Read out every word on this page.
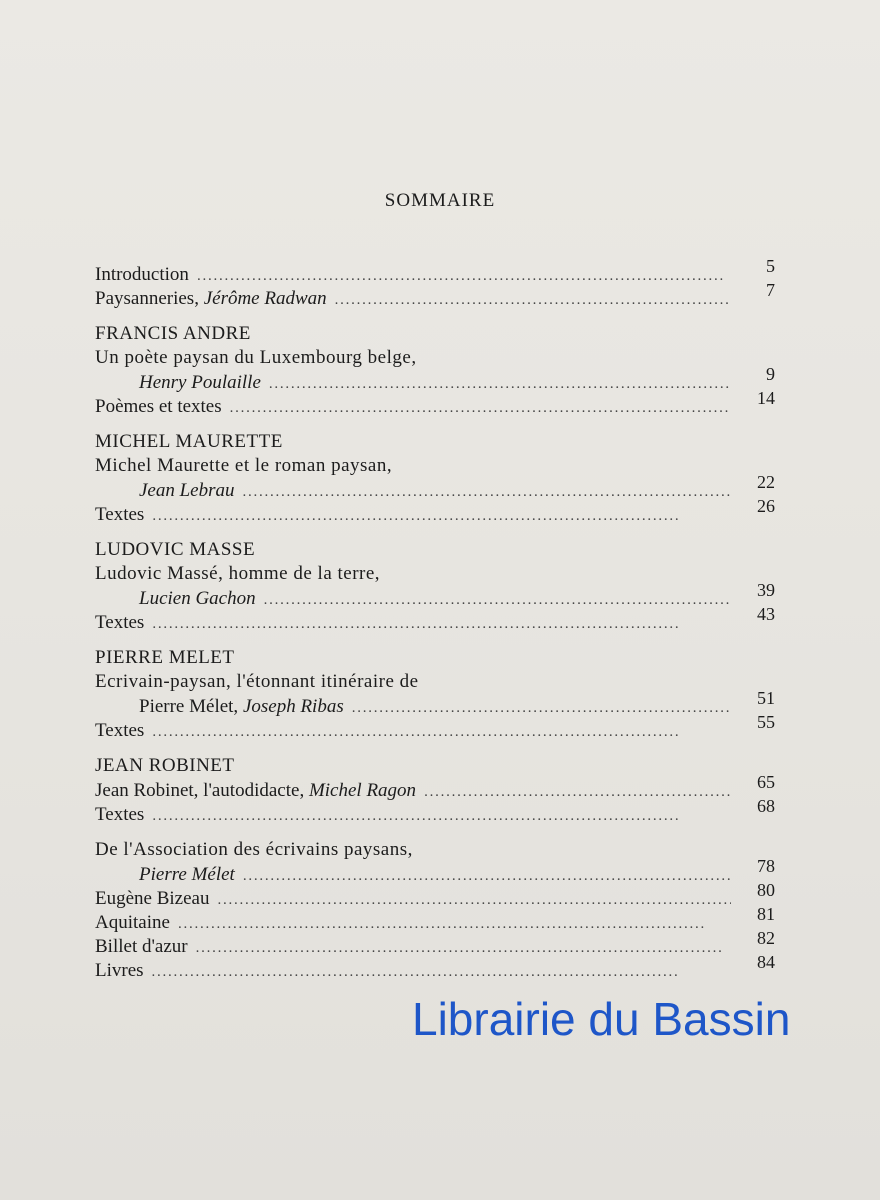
SOMMAIRE
Introduction . . .	5
Paysanneries, Jérôme Radwan . . .	7
FRANCIS ANDRE
Un poète paysan du Luxembourg belge,
Henry Poulaille . . .	9
Poèmes et textes . . .	14
MICHEL MAURETTE
Michel Maurette et le roman paysan,
Jean Lebrau . . .	22
Textes . . .	26
LUDOVIC MASSE
Ludovic Massé, homme de la terre,
Lucien Gachon . . .	39
Textes . . .	43
PIERRE MELET
Ecrivain-paysan, l'étonnant itinéraire de
Pierre Mélet, Joseph Ribas . . .	51
Textes . . .	55
JEAN ROBINET
Jean Robinet, l'autodidacte, Michel Ragon . . .	65
Textes . . .	68
De l'Association des écrivains paysans,
Pierre Mélet . . .	78
Eugène Bizeau . . .	80
Aquitaine . . .	81
Billet d'azur . . .	82
Livres . . .	84
Librairie du Bassin
